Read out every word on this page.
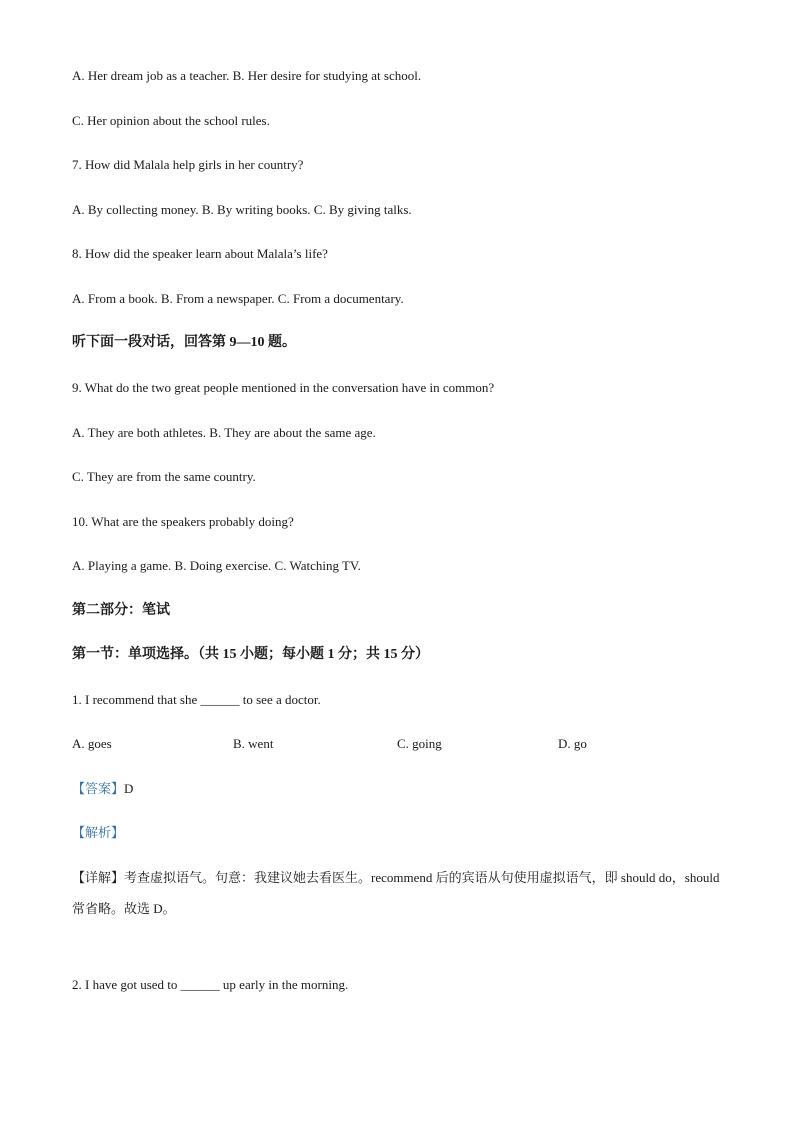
A. Her dream job as a teacher. B. Her desire for studying at school.
C. Her opinion about the school rules.
7. How did Malala help girls in her country?
A. By collecting money. B. By writing books. C. By giving talks.
8. How did the speaker learn about Malala’s life?
A. From a book. B. From a newspaper. C. From a documentary.
听下面一段对话，回答第 9—10 题。
9. What do the two great people mentioned in the conversation have in common?
A. They are both athletes. B. They are about the same age.
C. They are from the same country.
10. What are the speakers probably doing?
A. Playing a game. B. Doing exercise. C. Watching TV.
第二部分：笔试
第一节：单项选择。（共 15 小题；每小题 1 分；共 15 分）
1. I recommend that she ______ to see a doctor.
A. goes	B. went	C. going	D. go
【答案】D
【解析】
【详解】考查虚拟语气。句意：我建议她去看医生。recommend 后的宾语从句使用虚拟语气，即 should do，should 常省略。故选 D。
2. I have got used to ______ up early in the morning.
